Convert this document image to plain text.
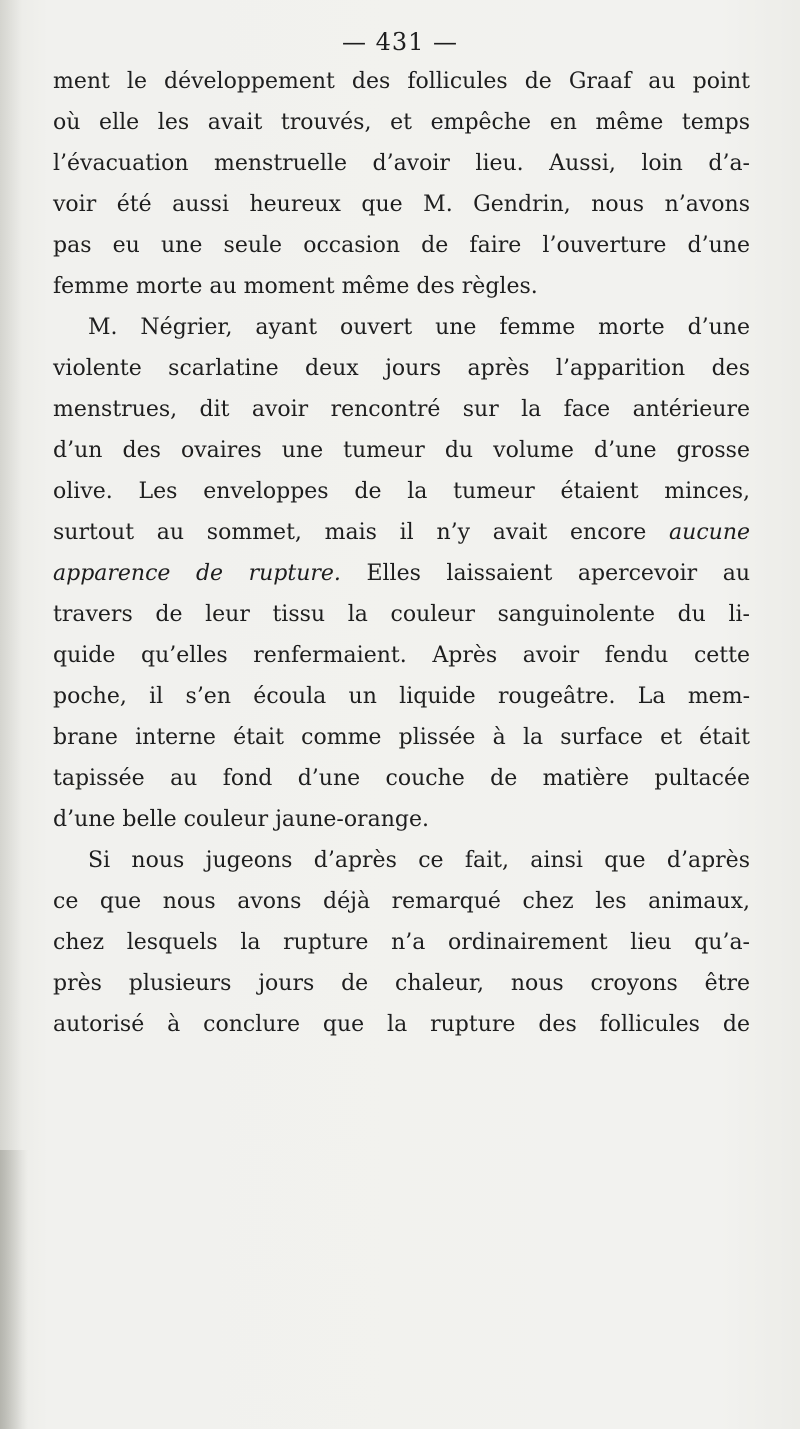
— 431 —
ment le développement des follicules de Graaf au point
où elle les avait trouvés, et empêche en même temps
l’évacuation menstruelle d’avoir lieu. Aussi, loin d’a-
voir été aussi heureux que M. Gendrin, nous n’avons
pas eu une seule occasion de faire l’ouverture d’une
femme morte au moment même des règles.
M. Négrier, ayant ouvert une femme morte d’une
violente scarlatine deux jours après l’apparition des
menstrues, dit avoir rencontré sur la face antérieure
d’un des ovaires une tumeur du volume d’une grosse
olive. Les enveloppes de la tumeur étaient minces,
surtout au sommet, mais il n’y avait encore aucune
apparence de rupture. Elles laissaient apercevoir au
travers de leur tissu la couleur sanguinolente du li-
quide qu’elles renfermaient. Après avoir fendu cette
poche, il s’en écoula un liquide rougeâtre. La mem-
brane interne était comme plissée à la surface et était
tapissée au fond d’une couche de matière pultacée
d’une belle couleur jaune-orange.
Si nous jugeons d’après ce fait, ainsi que d’après
ce que nous avons déjà remarqué chez les animaux,
chez lesquels la rupture n’a ordinairement lieu qu’a-
près plusieurs jours de chaleur, nous croyons être
autorisé à conclure que la rupture des follicules de
